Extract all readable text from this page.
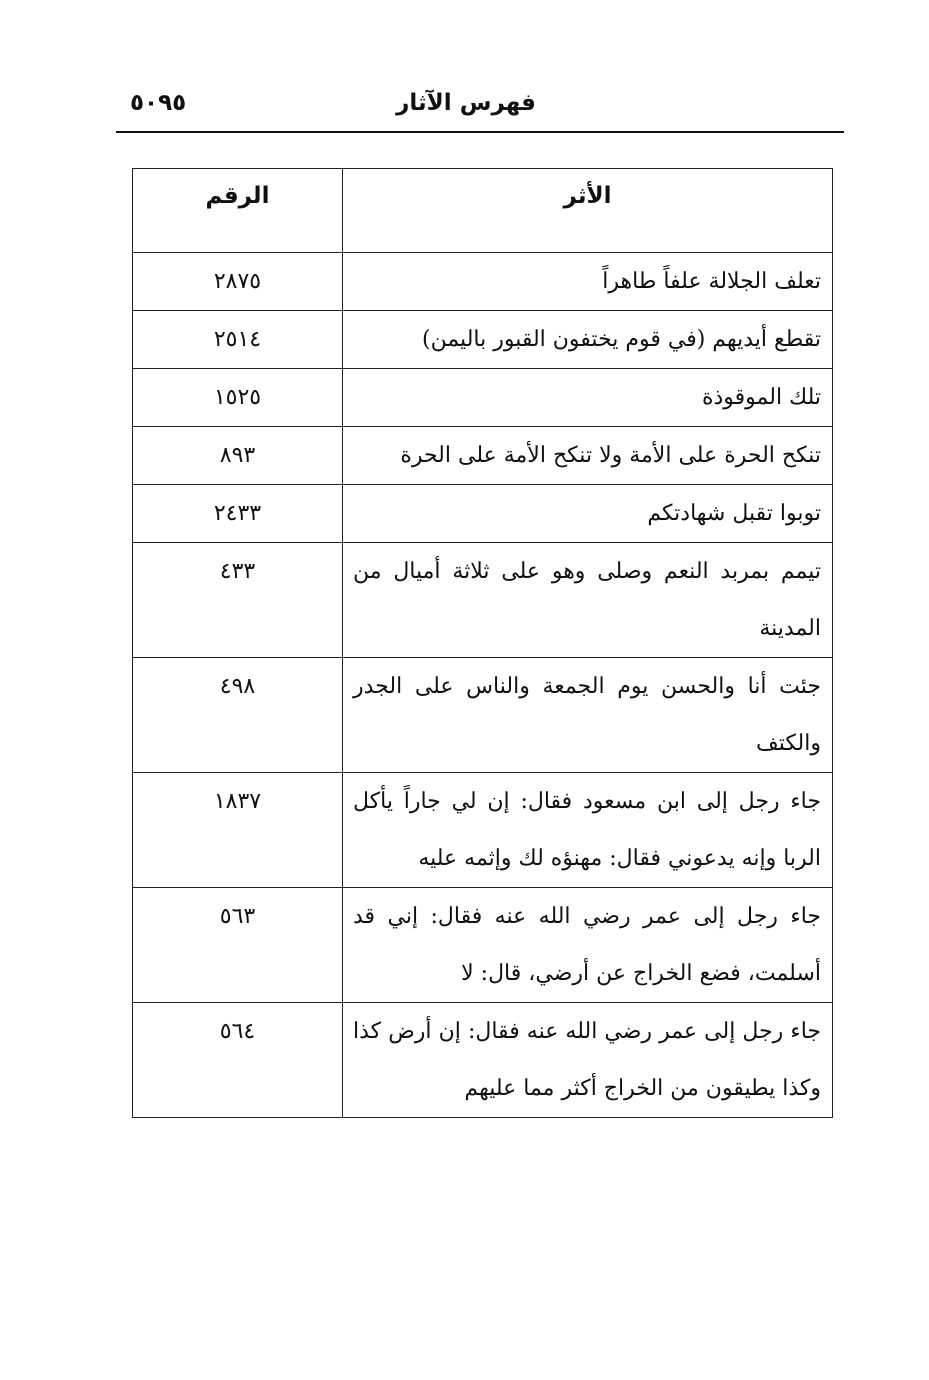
فهرس الآثار
٥٠٩٥
الأثر	الرقم
تعلف الجلالة علفاً طاهراً	٢٨٧٥
تقطع أيديهم (في قوم يختفون القبور باليمن)	٢٥١٤
تلك الموقوذة	١٥٢٥
تنكح الحرة على الأمة ولا تنكح الأمة على الحرة	٨٩٣
توبوا تقبل شهادتكم	٢٤٣٣
تيمم بمربد النعم وصلى وهو على ثلاثة أميال من المدينة	٤٣٣
جئت أنا والحسن يوم الجمعة والناس على الجدر والكتف	٤٩٨
جاء رجل إلى ابن مسعود فقال: إن لي جاراً يأكل الربا وإنه يدعوني فقال: مهنؤه لك وإثمه عليه	١٨٣٧
جاء رجل إلى عمر رضي الله عنه فقال: إني قد أسلمت، فضع الخراج عن أرضي، قال: لا	٥٦٣
جاء رجل إلى عمر رضي الله عنه فقال: إن أرض كذا وكذا يطيقون من الخراج أكثر مما عليهم	٥٦٤
